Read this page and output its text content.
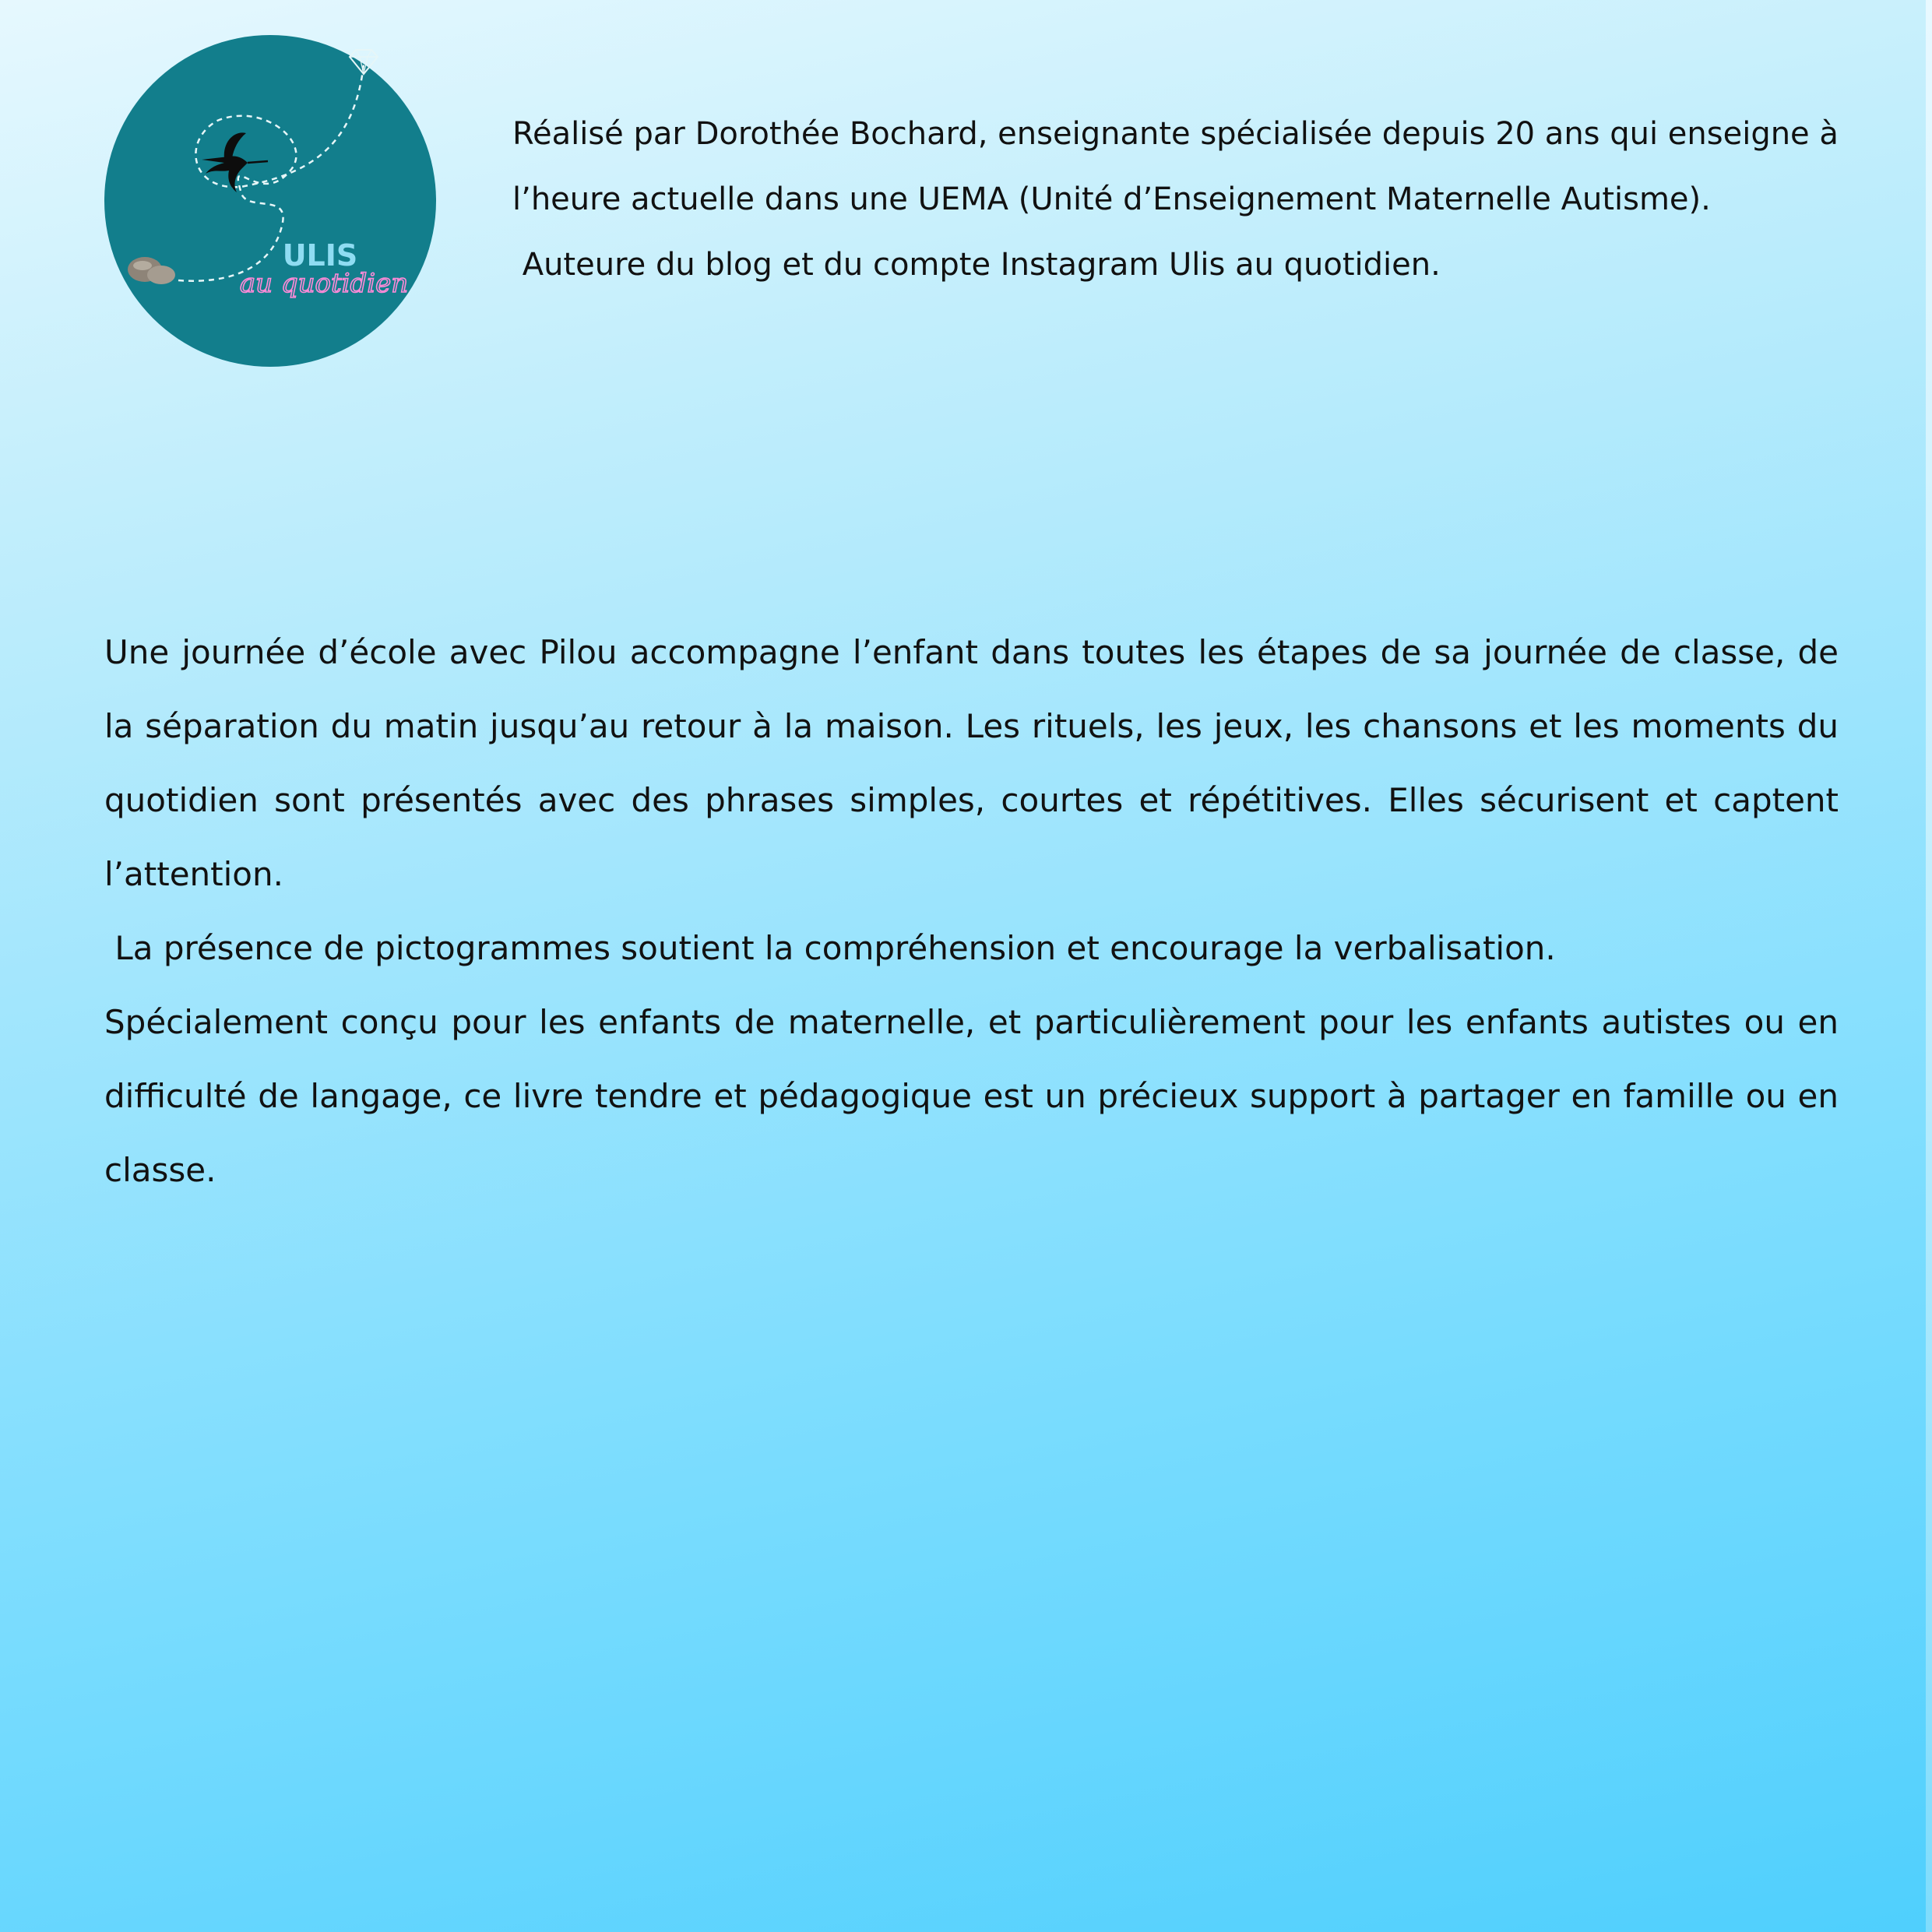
ULIS
au quotidien

Réalisé par Dorothée Bochard, enseignante spécialisée depuis 20 ans qui enseigne à

l’heure actuelle dans une UEMA (Unité d’Enseignement Maternelle Autisme).

Auteure du blog et du compte Instagram Ulis au quotidien.

Une journée d’école avec Pilou accompagne l’enfant dans toutes les étapes de sa journée de classe, de la séparation du matin jusqu’au retour à la maison. Les rituels, les jeux, les chansons et les moments du quotidien sont présentés avec des phrases simples, courtes et répétitives. Elles sécurisent et captent l’attention.

La présence de pictogrammes soutient la compréhension et encourage la verbalisation.

Spécialement conçu pour les enfants de maternelle, et particulièrement pour les enfants autistes ou en difficulté de langage, ce livre tendre et pédagogique est un précieux support à partager en famille ou en classe.
